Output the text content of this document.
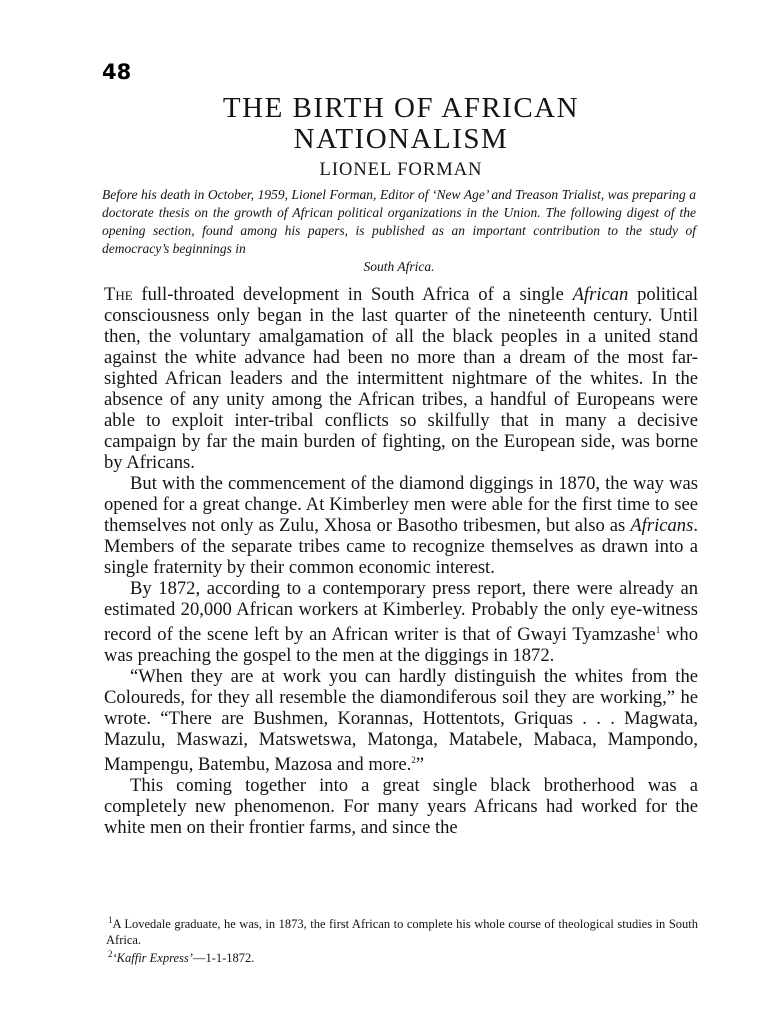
48
THE BIRTH OF AFRICAN
NATIONALISM
LIONEL FORMAN
Before his death in October, 1959, Lionel Forman, Editor of ‘New Age’ and Treason Trialist, was preparing a doctorate thesis on the growth of African political organizations in the Union. The following digest of the opening section, found among his papers, is published as an important contribution to the study of democracy’s beginnings in
South Africa.

The full-throated development in South Africa of a single African political consciousness only began in the last quarter of the nineteenth century. Until then, the voluntary amalgamation of all the black peoples in a united stand against the white advance had been no more than a dream of the most far-sighted African leaders and the intermittent nightmare of the whites. In the absence of any unity among the African tribes, a handful of Europeans were able to exploit inter-tribal conflicts so skilfully that in many a decisive campaign by far the main burden of fighting, on the European side, was borne by Africans.

But with the commencement of the diamond diggings in 1870, the way was opened for a great change. At Kimberley men were able for the first time to see themselves not only as Zulu, Xhosa or Basotho tribesmen, but also as Africans. Members of the separate tribes came to recognize themselves as drawn into a single fraternity by their common economic interest.

By 1872, according to a contemporary press report, there were already an estimated 20,000 African workers at Kimberley. Probably the only eye-witness record of the scene left by an African writer is that of Gwayi Tyamzashe$^1$ who was preaching the gospel to the men at the diggings in 1872.

“When they are at work you can hardly distinguish the whites from the Coloureds, for they all resemble the diamondiferous soil they are working,” he wrote. “There are Bushmen, Korannas, Hottentots, Griquas . . . Magwata, Mazulu, Maswazi, Matswetswa, Matonga, Matabele, Mabaca, Mampondo, Mampengu, Batembu, Mazosa and more.$^2$”

This coming together into a great single black brotherhood was a completely new phenomenon. For many years Africans had worked for the white men on their frontier farms, and since the

$^1$A Lovedale graduate, he was, in 1873, the first African to complete his whole course of theological studies in South Africa.
$^2$‘Kaffir Express’—1-1-1872.
